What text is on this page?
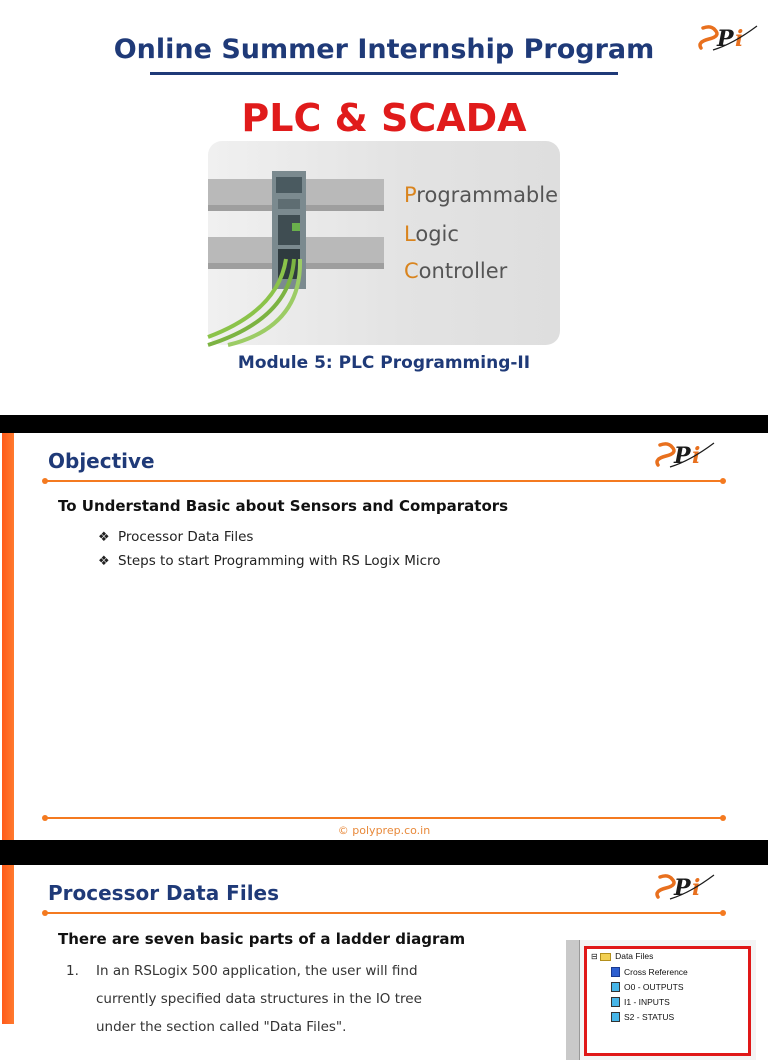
Online Summer Internship Program	P i
PLC & SCADA
Programmable
Logic
Controller
Module 5: PLC Programming-II
Objective	P i
To Understand Basic about Sensors and Comparators
❖ Processor Data Files
❖ Steps to start Programming with RS Logix Micro
© polyprep.co.in
Processor Data Files	P i
There are seven basic parts of a ladder diagram
1. In an RSLogix 500 application, the user will find
currently specified data structures in the IO tree
under the section called "Data Files".
⊟ Data Files
Cross Reference
O0 - OUTPUTS
I1 - INPUTS
S2 - STATUS
